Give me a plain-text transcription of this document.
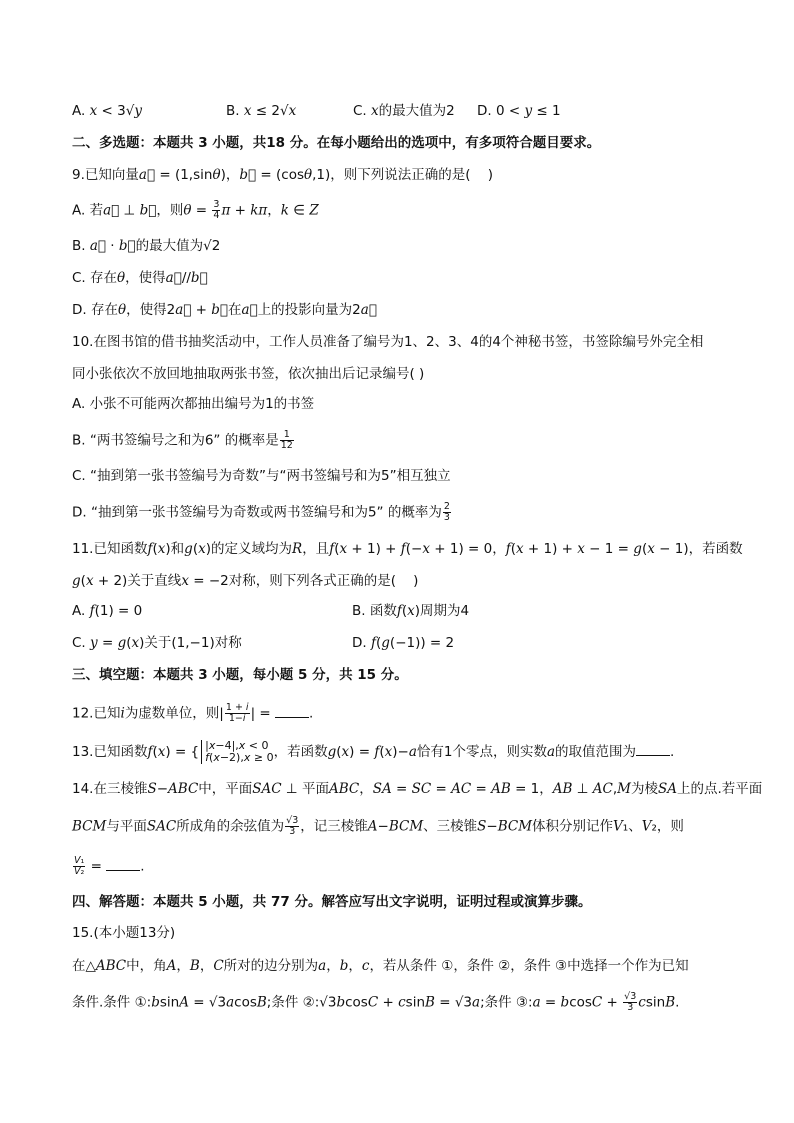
A. x < 3√y	B. x ≤ 2√x	C. x的最大值为2 D. 0 < y ≤ 1
二、多选题：本题共 3 小题，共18 分。在每小题给出的选项中，有多项符合题目要求。
9.已知向量a⃗ = (1,sinθ)，b⃗ = (cosθ,1)，则下列说法正确的是(    )
A. 若a⃗ ⊥ b⃗，则$\theta = \frac{3}{4}$ π + kπ，k ∈ Z
B. a⃗ · b⃗的最大值为√2
C. 存在θ，使得a⃗//b⃗
D. 存在θ，使得2a⃗ + b⃗在a⃗上的投影向量为2a⃗
10.在图书馆的借书抽奖活动中，工作人员准备了编号为1、2、3、4的4个神秘书签，书签除编号外完全相
同小张依次不放回地抽取两张书签，依次抽出后记录编号( )
A. 小张不可能两次都抽出编号为1的书签
B. “两书签编号之和为6” 的概率是 $\frac{1}{12}$
C. “抽到第一张书签编号为奇数”与“两书签编号和为5”相互独立
D. “抽到第一张书签编号为奇数或两书签编号和为5” 的概率为 $\frac{2}{3}$
11.已知函数f(x)和g(x)的定义域均为R，且f(x + 1) + f(−x + 1) = 0，f(x + 1) + x − 1 = g(x − 1)，若函数
g(x + 2)关于直线x = −2对称，则下列各式正确的是(    )
A. f(1) = 0	B. 函数f(x)周期为4
C. y = g(x)关于(1,−1)对称	D. f(g(−1)) = 2
三、填空题：本题共 3 小题，每小题 5 分，共 15 分。
12.已知i为虚数单位，则| $\frac{1 + i}{1-i}$ | =	.
13.已知函数f(x) = { |x−4|,x < 0
f(x−2),x ≥ 0 ，若函数g(x) = f(x)−a恰有1个零点，则实数a的取值范围为	.
14.在三棱锥S−ABC中，平面SAC ⊥ 平面ABC，SA = SC = AC = AB = 1，AB ⊥ AC,M为棱SA上的点.若平面
BCM与平面SAC所成角的余弦值为 $\frac{√3}{3}$ ，记三棱锥A−BCM、三棱锥S−BCM体积分别记作V₁、V₂，则
$\frac{\text{V₁}}{\text{V₂}}$ =	.
四、解答题：本题共 5 小题，共 77 分。解答应写出文字说明，证明过程或演算步骤。
15.(本小题13分)
在△ABC中，角A，B，C所对的边分别为a，b，c，若从条件 ①，条件 ②，条件 ③中选择一个作为已知
条件.条件 ①:bsinA = √3acosB;条件 ②:√3bcosC + csinB = √3a;条件 ③:a = $bcosC + \frac{√3}{3} csinB$.
